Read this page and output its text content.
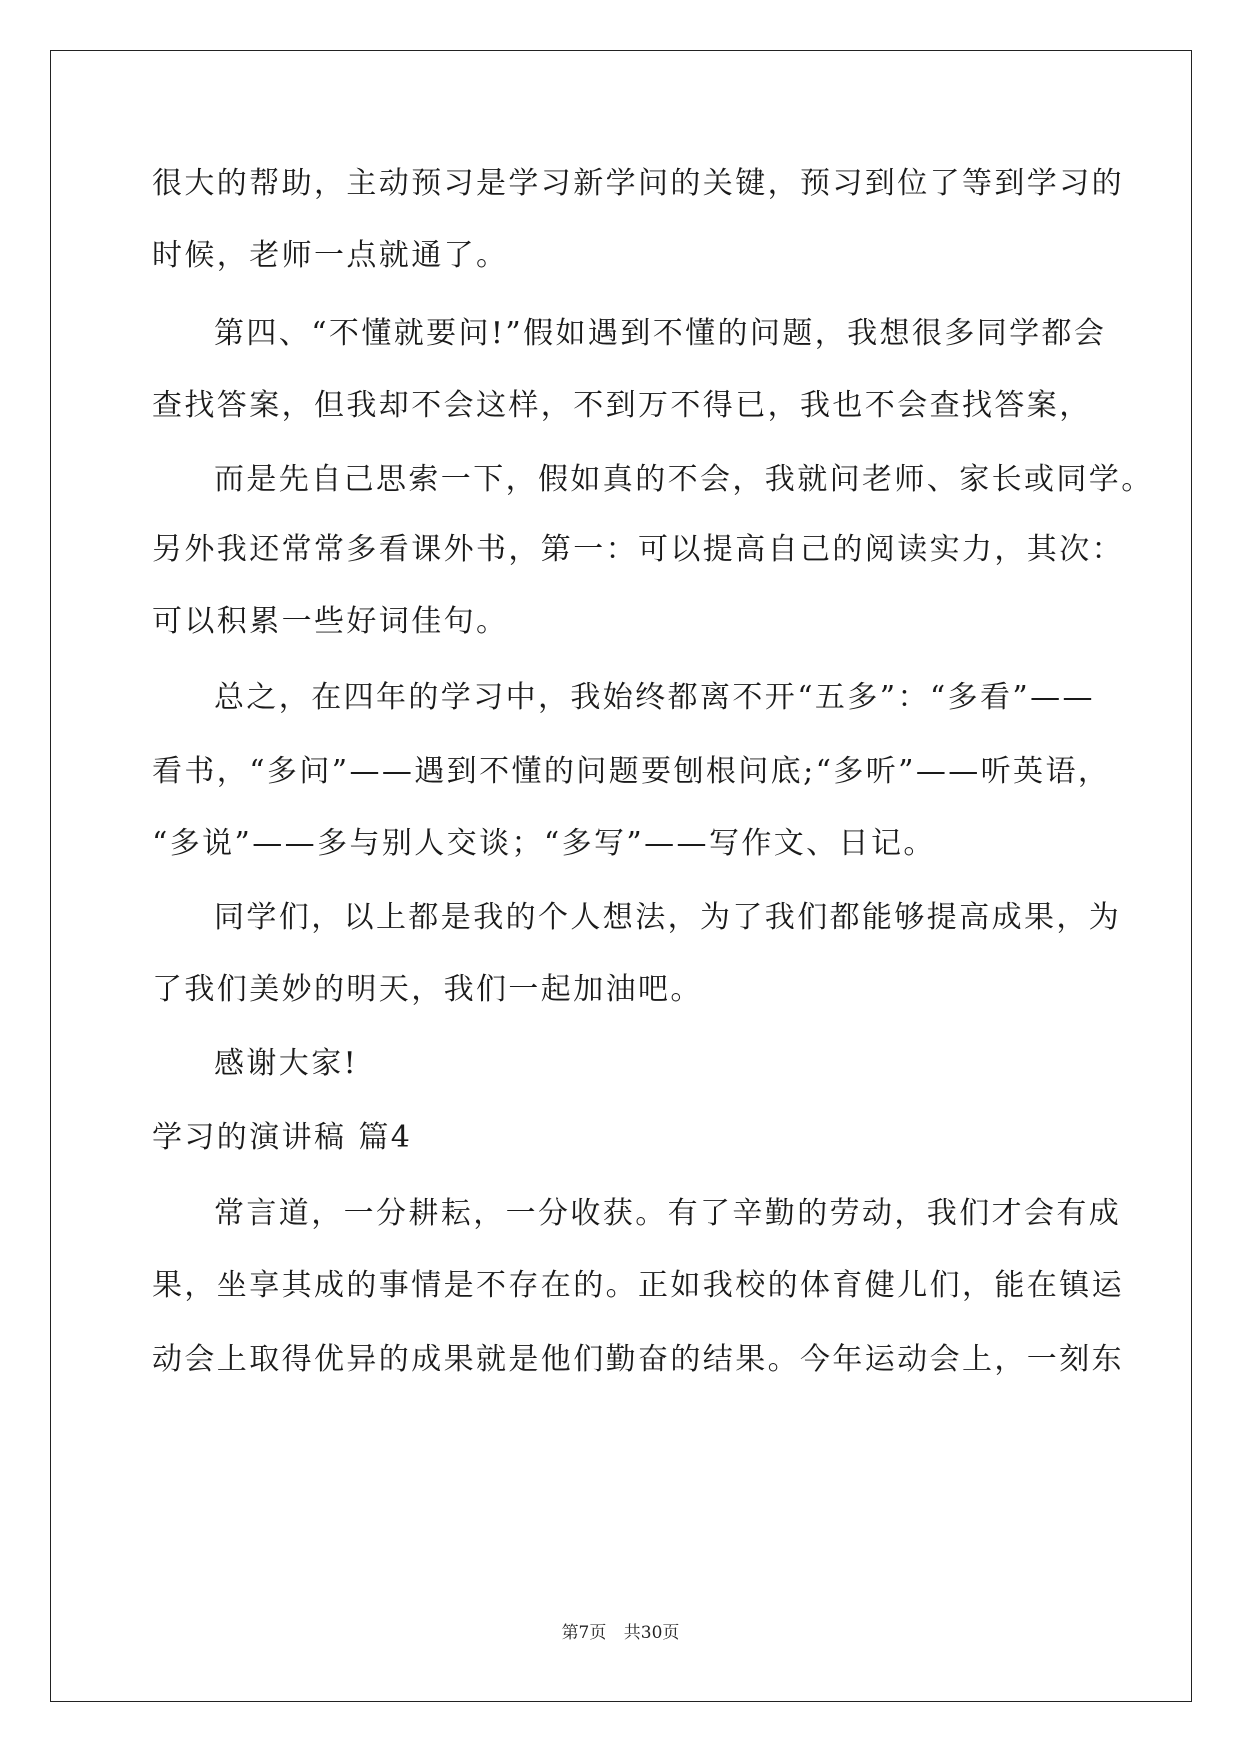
很大的帮助，主动预习是学习新学问的关键，预习到位了等到学习的
时候，老师一点就通了。
第四、“不懂就要问!”假如遇到不懂的问题，我想很多同学都会
查找答案，但我却不会这样，不到万不得已，我也不会查找答案，
而是先自己思索一下，假如真的不会，我就问老师、家长或同学。
另外我还常常多看课外书，第一：可以提高自己的阅读实力，其次：
可以积累一些好词佳句。
总之，在四年的学习中，我始终都离不开“五多”：“多看”——
看书，“多问”——遇到不懂的问题要刨根问底;“多听”——听英语，
“多说”——多与别人交谈；“多写”——写作文、日记。
同学们，以上都是我的个人想法，为了我们都能够提高成果，为
了我们美妙的明天，我们一起加油吧。
感谢大家!
学习的演讲稿 篇4
常言道，一分耕耘，一分收获。有了辛勤的劳动，我们才会有成
果，坐享其成的事情是不存在的。正如我校的体育健儿们，能在镇运
动会上取得优异的成果就是他们勤奋的结果。今年运动会上，一刻东
第7页 共30页
